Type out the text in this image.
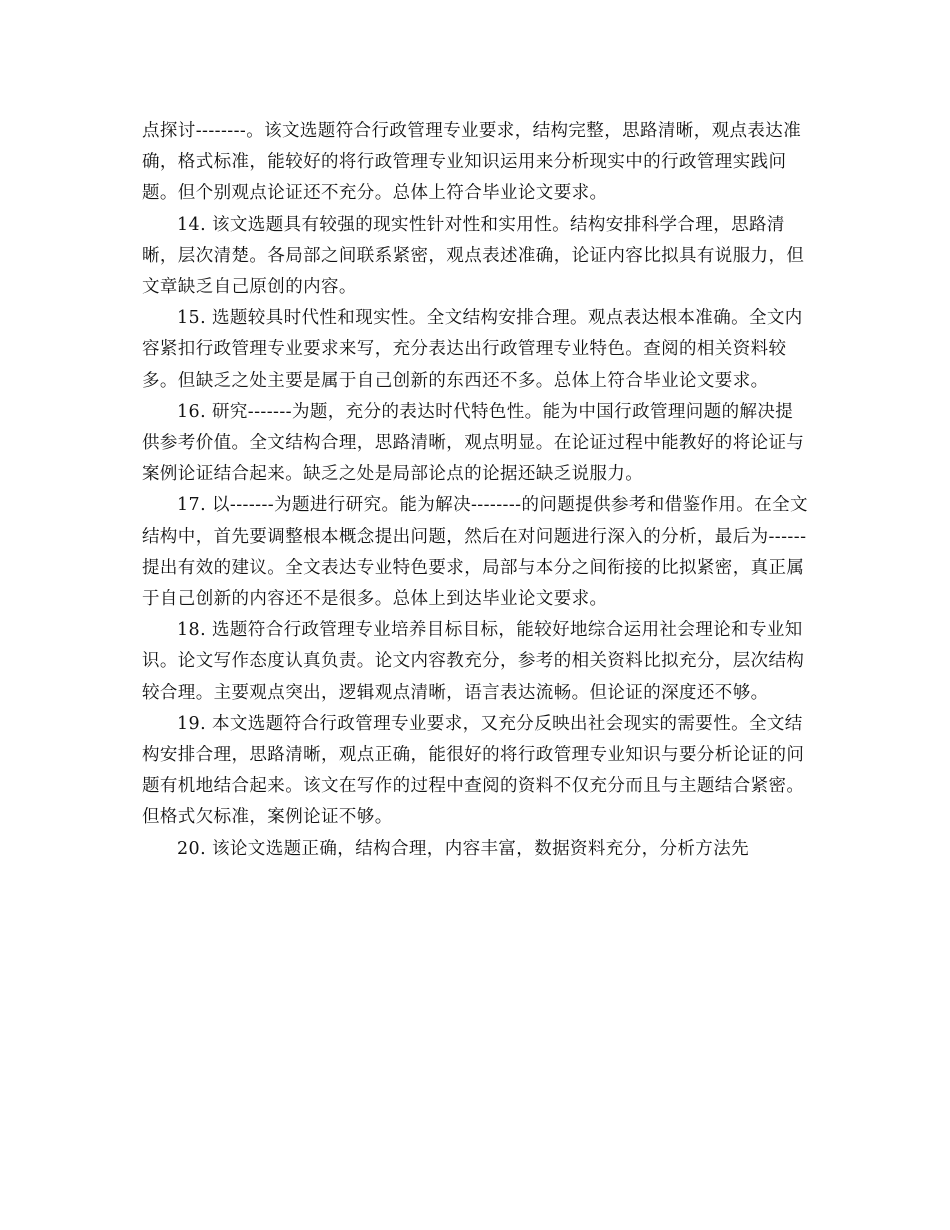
点探讨--------。该文选题符合行政管理专业要求，结构完整，思路清晰，观点表达准确，格式标准，能较好的将行政管理专业知识运用来分析现实中的行政管理实践问题。但个别观点论证还不充分。总体上符合毕业论文要求。

14. 该文选题具有较强的现实性针对性和实用性。结构安排科学合理，思路清晰，层次清楚。各局部之间联系紧密，观点表述准确，论证内容比拟具有说服力，但文章缺乏自己原创的内容。

15. 选题较具时代性和现实性。全文结构安排合理。观点表达根本准确。全文内容紧扣行政管理专业要求来写，充分表达出行政管理专业特色。查阅的相关资料较多。但缺乏之处主要是属于自己创新的东西还不多。总体上符合毕业论文要求。

16. 研究-------为题，充分的表达时代特色性。能为中国行政管理问题的解决提供参考价值。全文结构合理，思路清晰，观点明显。在论证过程中能教好的将论证与案例论证结合起来。缺乏之处是局部论点的论据还缺乏说服力。

17. 以-------为题进行研究。能为解决--------的问题提供参考和借鉴作用。在全文结构中，首先要调整根本概念提出问题，然后在对问题进行深入的分析，最后为------提出有效的建议。全文表达专业特色要求，局部与本分之间衔接的比拟紧密，真正属于自己创新的内容还不是很多。总体上到达毕业论文要求。

18. 选题符合行政管理专业培养目标目标，能较好地综合运用社会理论和专业知识。论文写作态度认真负责。论文内容教充分，参考的相关资料比拟充分，层次结构较合理。主要观点突出，逻辑观点清晰，语言表达流畅。但论证的深度还不够。

19. 本文选题符合行政管理专业要求，又充分反映出社会现实的需要性。全文结构安排合理，思路清晰，观点正确，能很好的将行政管理专业知识与要分析论证的问题有机地结合起来。该文在写作的过程中查阅的资料不仅充分而且与主题结合紧密。但格式欠标准，案例论证不够。

20. 该论文选题正确，结构合理，内容丰富，数据资料充分，分析方法先
